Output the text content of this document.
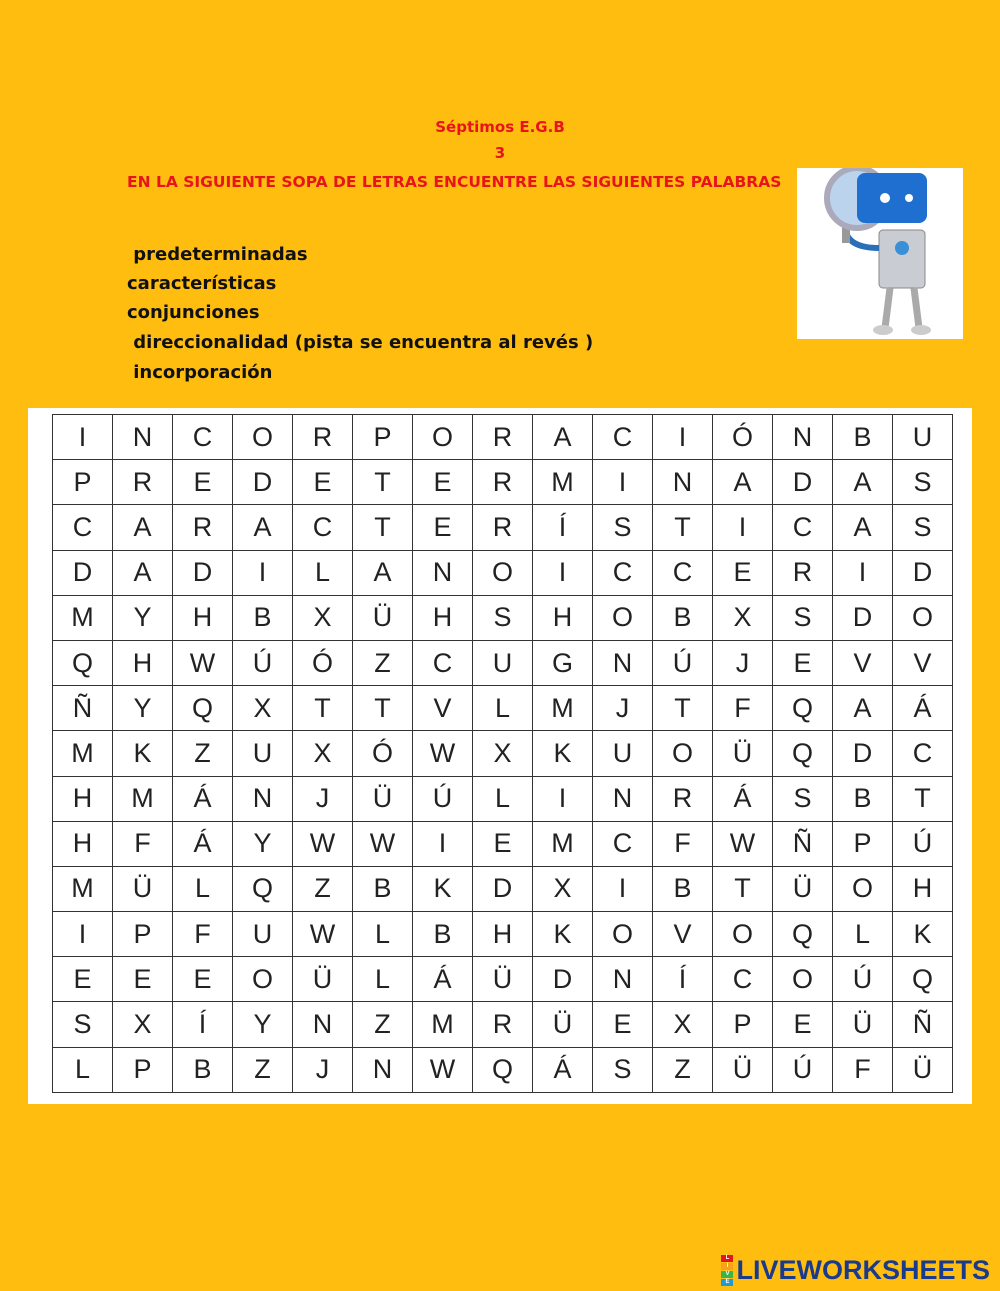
Séptimos E.G.B
3
EN LA SIGUIENTE SOPA DE LETRAS ENCUENTRE LAS SIGUIENTES PALABRAS
predeterminadas
características
conjunciones
direccionalidad (pista se encuentra al revés )
incorporación
I	N	C	O	R	P	O	R	A	C	I	Ó	N	B	U
P	R	E	D	E	T	E	R	M	I	N	A	D	A	S
C	A	R	A	C	T	E	R	Í	S	T	I	C	A	S
D	A	D	I	L	A	N	O	I	C	C	E	R	I	D
M	Y	H	B	X	Ü	H	S	H	O	B	X	S	D	O
Q	H	W	Ú	Ó	Z	C	U	G	N	Ú	J	E	V	V
Ñ	Y	Q	X	T	T	V	L	M	J	T	F	Q	A	Á
M	K	Z	U	X	Ó	W	X	K	U	O	Ü	Q	D	C
H	M	Á	N	J	Ü	Ú	L	I	N	R	Á	S	B	T
H	F	Á	Y	W	W	I	E	M	C	F	W	Ñ	P	Ú
M	Ü	L	Q	Z	B	K	D	X	I	B	T	Ü	O	H
I	P	F	U	W	L	B	H	K	O	V	O	Q	L	K
E	E	E	O	Ü	L	Á	Ü	D	N	Í	C	O	Ú	Q
S	X	Í	Y	N	Z	M	R	Ü	E	X	P	E	Ü	Ñ
L	P	B	Z	J	N	W	Q	Á	S	Z	Ü	Ú	F	Ü
L
I
V
E LIVEWORKSHEETS
